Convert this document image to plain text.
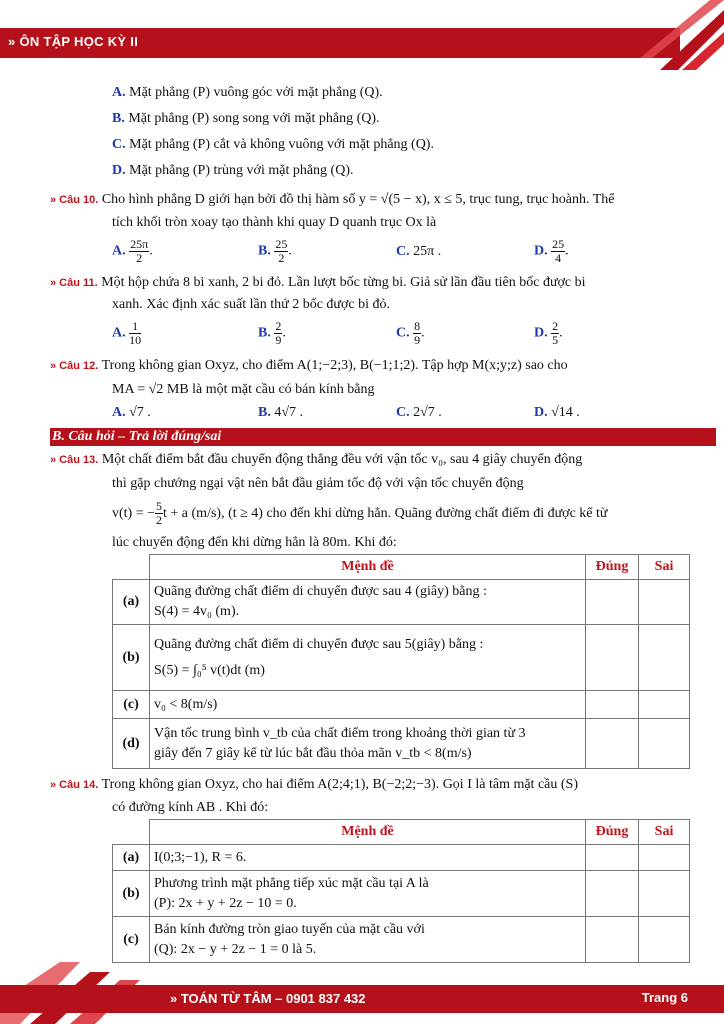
» ÔN TẬP HỌC KỲ II
A. Mặt phẳng (P) vuông góc với mặt phẳng (Q).
B. Mặt phẳng (P) song song với mặt phẳng (Q).
C. Mặt phẳng (P) cắt và không vuông với mặt phẳng (Q).
D. Mặt phẳng (P) trùng với mặt phẳng (Q).
» Câu 10. Cho hình phẳng D giới hạn bởi đồ thị hàm số y = √(5 − x), x ≤ 5, trục tung, trục hoành. Thể
tích khối tròn xoay tạo thành khi quay D quanh trục Ox là
A. $\frac{25\pi}{2}$ .	B. $\frac{25}{2}$ .	C. 25π .	D. $\frac{25}{4}$ .
» Câu 11. Một hộp chứa 8 bi xanh, 2 bi đỏ. Lần lượt bốc từng bi. Giả sử lần đầu tiên bốc được bi
xanh. Xác định xác suất lần thứ 2 bốc được bi đỏ.
A. $\frac{1}{10}$	B. $\frac{2}{9}$ .	C. $\frac{8}{9}$ .	D. $\frac{2}{5}$ .
» Câu 12. Trong không gian Oxyz, cho điểm A(1;−2;3), B(−1;1;2). Tập hợp M(x;y;z) sao cho
MA = √2 MB là một mặt cầu có bán kính bằng
A. √7 .	B. 4√7 .	C. 2√7 .	D. √14 .
B. Câu hỏi – Trả lời đúng/sai
» Câu 13. Một chất điểm bắt đầu chuyển động thẳng đều với vận tốc v₀, sau 4 giây chuyển động
thì gặp chướng ngại vật nên bắt đầu giảm tốc độ với vận tốc chuyển động
v(t) = − $\frac{5}{2}$ t + a (m/s), (t ≥ 4) cho đến khi dừng hẳn. Quãng đường chất điểm đi được kể từ
lúc chuyển động đến khi dừng hẳn là 80m. Khi đó:
	Mệnh đề	Đúng	Sai
(a)	Quãng đường chất điểm di chuyển được sau 4 (giây) bằng :
S(4) = 4v₀ (m).		

(b)	Quãng đường chất điểm di chuyển được sau 5(giây) bằng :
S(5) = ∫₀⁵ v(t)dt (m)		

(c)	v₀ < 8(m/s)		

(d)	Vận tốc trung bình v_tb của chất điểm trong khoảng thời gian từ 3
giây đến 7 giây kể từ lúc bắt đầu thỏa mãn v_tb < 8(m/s)		

» Câu 14. Trong không gian Oxyz, cho hai điểm A(2;4;1), B(−2;2;−3). Gọi I là tâm mặt cầu (S)
có đường kính AB . Khi đó:
	Mệnh đề	Đúng	Sai
(a)	I(0;3;−1), R = 6.		

(b)	Phương trình mặt phẳng tiếp xúc mặt cầu tại A là
(P): 2x + y + 2z − 10 = 0.		

(c)	Bán kính đường tròn giao tuyến của mặt cầu với
(Q): 2x − y + 2z − 1 = 0 là 5.		

» TOÁN TỪ TÂM – 0901 837 432	Trang 6
